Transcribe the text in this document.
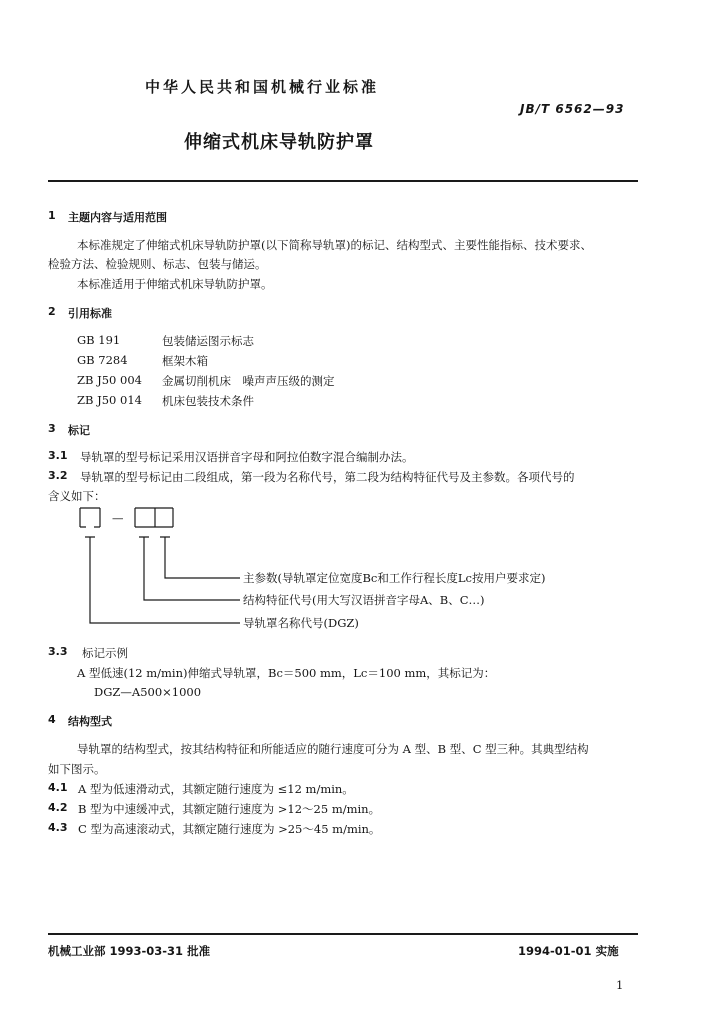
中华人民共和国机械行业标准
JB/T 6562—93
伸缩式机床导轨防护罩
1 主题内容与适用范围
本标准规定了伸缩式机床导轨防护罩(以下简称导轨罩)的标记、结构型式、主要性能指标、技术要求、
检验方法、检验规则、标志、包装与储运。
本标准适用于伸缩式机床导轨防护罩。
2 引用标准
GB 191	包装储运图示标志
GB 7284	框架木箱
ZB J50 004 金属切削机床　噪声声压级的测定
ZB J50 014 机床包装技术条件
3 标记
3.1 导轨罩的型号标记采用汉语拼音字母和阿拉伯数字混合编制办法。
3.2 导轨罩的型号标记由二段组成，第一段为名称代号，第二段为结构特征代号及主参数。各项代号的
含义如下：
—
主参数(导轨罩定位宽度Bc和工作行程长度Lc按用户要求定)
结构特征代号(用大写汉语拼音字母A、B、C…)
导轨罩名称代号(DGZ)
3.3 标记示例
A 型低速(12 m/min)伸缩式导轨罩，Bc＝500 mm，Lc＝100 mm，其标记为：
DGZ—A500×1000
4 结构型式
导轨罩的结构型式，按其结构特征和所能适应的随行速度可分为 A 型、B 型、C 型三种。其典型结构
如下图示。
4.1 A 型为低速滑动式，其额定随行速度为 ≤12 m/min。
4.2 B 型为中速缓冲式，其额定随行速度为 >12～25 m/min。
4.3 C 型为高速滚动式，其额定随行速度为 >25～45 m/min。
机械工业部 1993-03-31 批准	1994-01-01 实施
1
